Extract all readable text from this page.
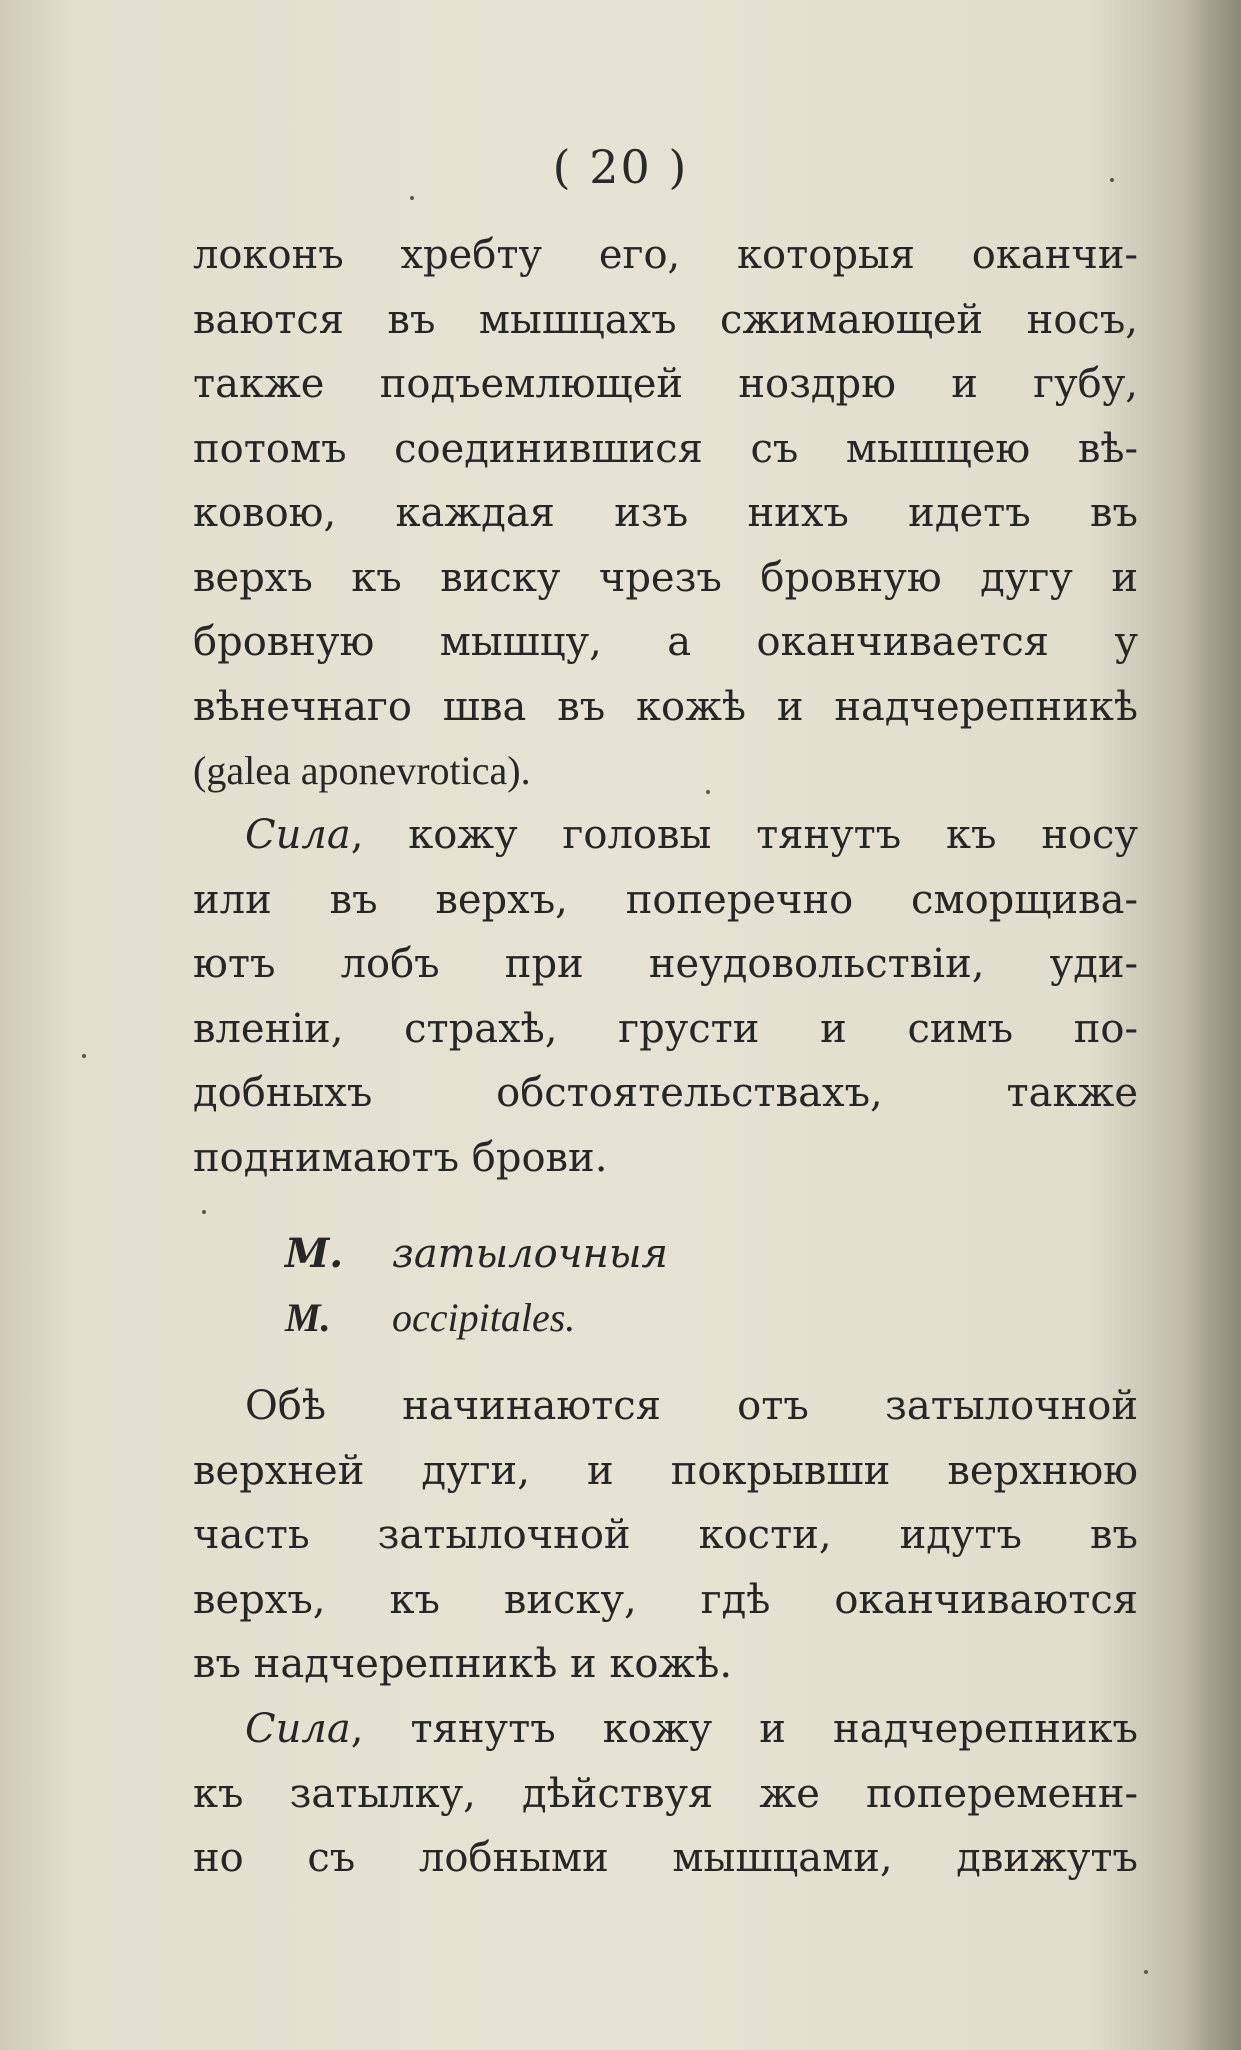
( 20 )
локонъ хребту его, которыя оканчи-
ваются въ мышцахъ сжимающей носъ,
также подъемлющей ноздрю и губу,
потомъ соединившися съ мышцею вѣ-
ковою, каждая изъ нихъ идетъ въ
верхъ къ виску чрезъ бровную дугу и
бровную мышцу, а оканчивается у
вѣнечнаго шва въ кожѣ и надчерепникѣ
(galea aponevrotica).
Сила, кожу головы тянутъ къ носу
или въ верхъ, поперечно сморщива-
ютъ лобъ при неудовольствiи, уди-
вленiи, страхѣ, грусти и симъ по-
добныхъ обстоятельствахъ, также
поднимаютъ брови.
M. затылочныя
M. occipitales.
Обѣ начинаются отъ затылочной
верхней дуги, и покрывши верхнюю
часть затылочной кости, идутъ въ
верхъ, къ виску, гдѣ оканчиваются
въ надчерепникѣ и кожѣ.
Сила, тянутъ кожу и надчерепникъ
къ затылку, дѣйствуя же попеременн-
но съ лобными мышцами, движутъ
